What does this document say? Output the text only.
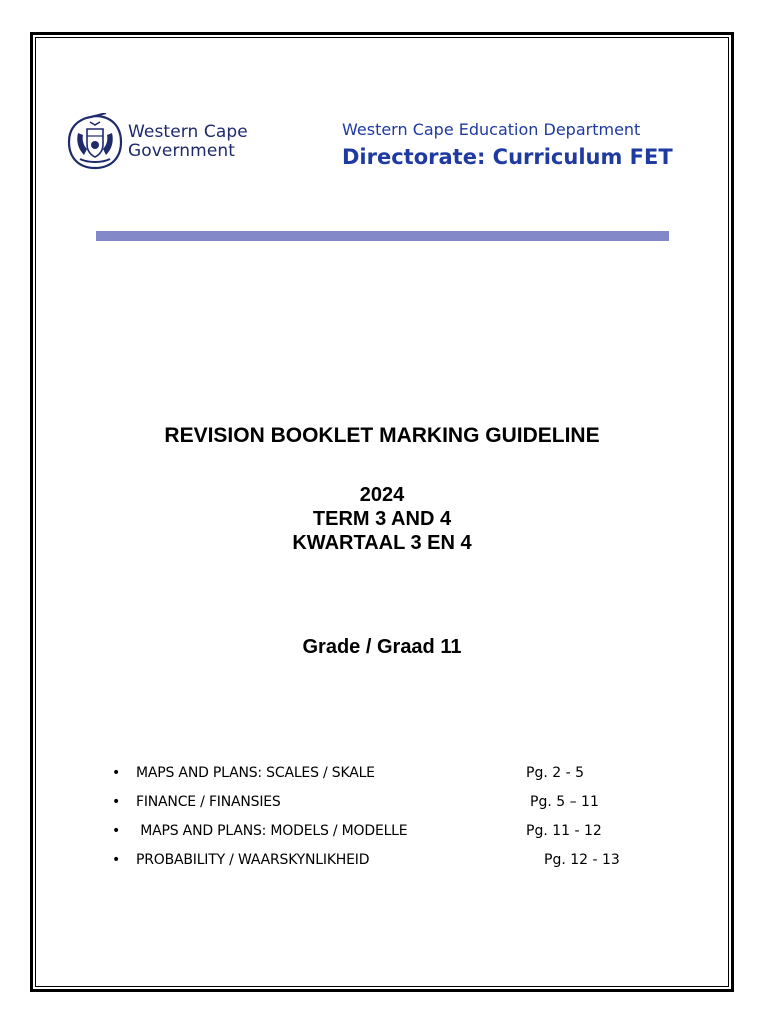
Western Cape
Government
Western Cape Education Department
Directorate: Curriculum FET
REVISION BOOKLET MARKING GUIDELINE
2024
TERM 3 AND 4
KWARTAAL 3 EN 4
Grade / Graad 11
• MAPS AND PLANS: SCALES / SKALE	Pg. 2 - 5
• FINANCE / FINANSIES	Pg. 5 – 11
• MAPS AND PLANS: MODELS / MODELLE	Pg. 11 - 12
• PROBABILITY / WAARSKYNLIKHEID	Pg. 12 - 13
